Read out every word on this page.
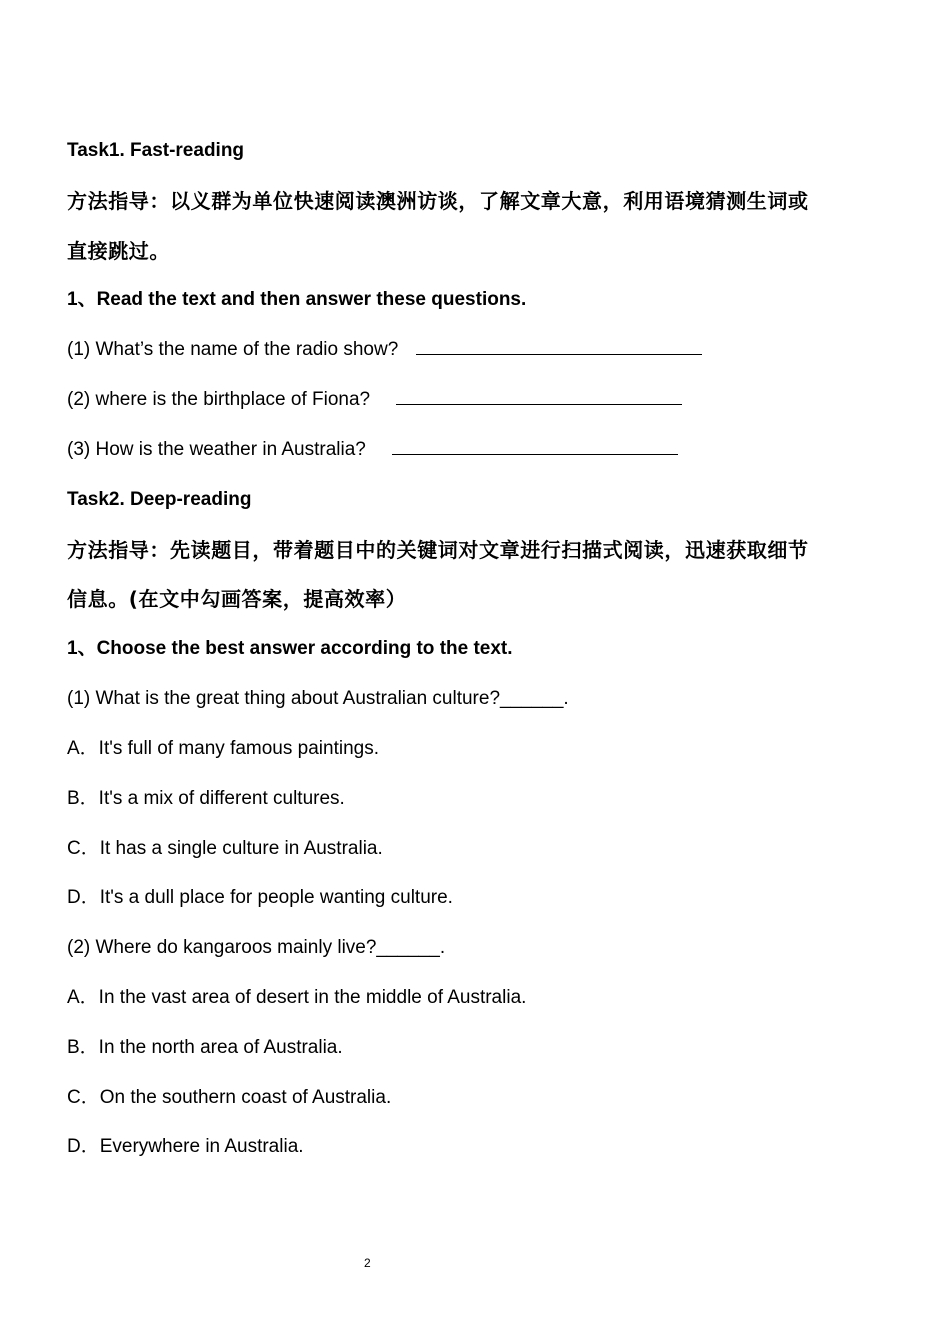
Task1. Fast-reading
方法指导：以义群为单位快速阅读澳洲访谈，了解文章大意，利用语境猜测生词或
直接跳过。
1、Read the text and then answer these questions.
(1) What’s the name of the radio show?
(2) where is the birthplace of Fiona?
(3) How is the weather in Australia?
Task2. Deep-reading
方法指导：先读题目，带着题目中的关键词对文章进行扫描式阅读，迅速获取细节
信息。(在文中勾画答案，提高效率）
1、Choose the best answer according to the text.
(1) What is the great thing about Australian culture?______.
A．It's full of many famous paintings.
B．It's a mix of different cultures.
C．It has a single culture in Australia.
D．It's a dull place for people wanting culture.
(2) Where do kangaroos mainly live?______.
A．In the vast area of desert in the middle of Australia.
B．In the north area of Australia.
C．On the southern coast of Australia.
D．Everywhere in Australia.
2
